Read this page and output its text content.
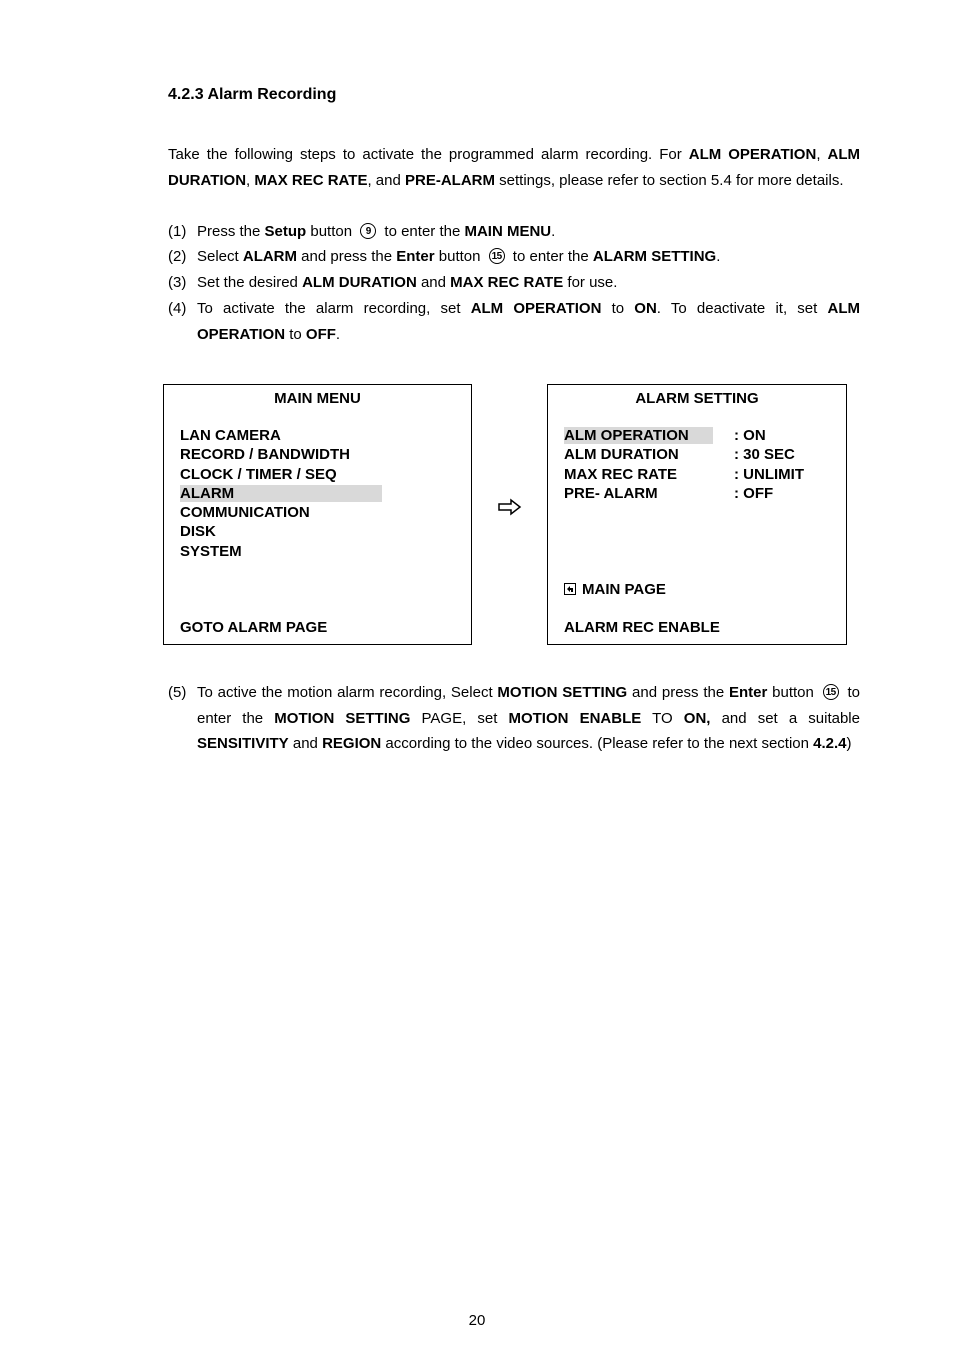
4.2.3 Alarm Recording

Take the following steps to activate the programmed alarm recording. For ALM OPERATION, ALM DURATION, MAX REC RATE, and PRE-ALARM settings, please refer to section 5.4 for more details.

(1) Press the Setup button 9 to enter the MAIN MENU.
(2) Select ALARM and press the Enter button 15 to enter the ALARM SETTING.
(3) Set the desired ALM DURATION and MAX REC RATE for use.
(4) To activate the alarm recording, set ALM OPERATION to ON. To deactivate it, set ALM OPERATION to OFF.
MAIN MENU
LAN CAMERA
RECORD / BANDWIDTH
CLOCK / TIMER / SEQ
ALARM
COMMUNICATION
DISK
SYSTEM
GOTO ALARM PAGE
ALARM SETTING
ALM OPERATION	: ON
ALM DURATION	: 30 SEC
MAX REC RATE	: UNLIMIT
PRE- ALARM	: OFF
MAIN PAGE
ALARM REC ENABLE
(5) To active the motion alarm recording, Select MOTION SETTING and press the Enter button 15 to enter the MOTION SETTING PAGE, set MOTION ENABLE TO ON, and set a suitable SENSITIVITY and REGION according to the video sources. (Please refer to the next section 4.2.4)
20
